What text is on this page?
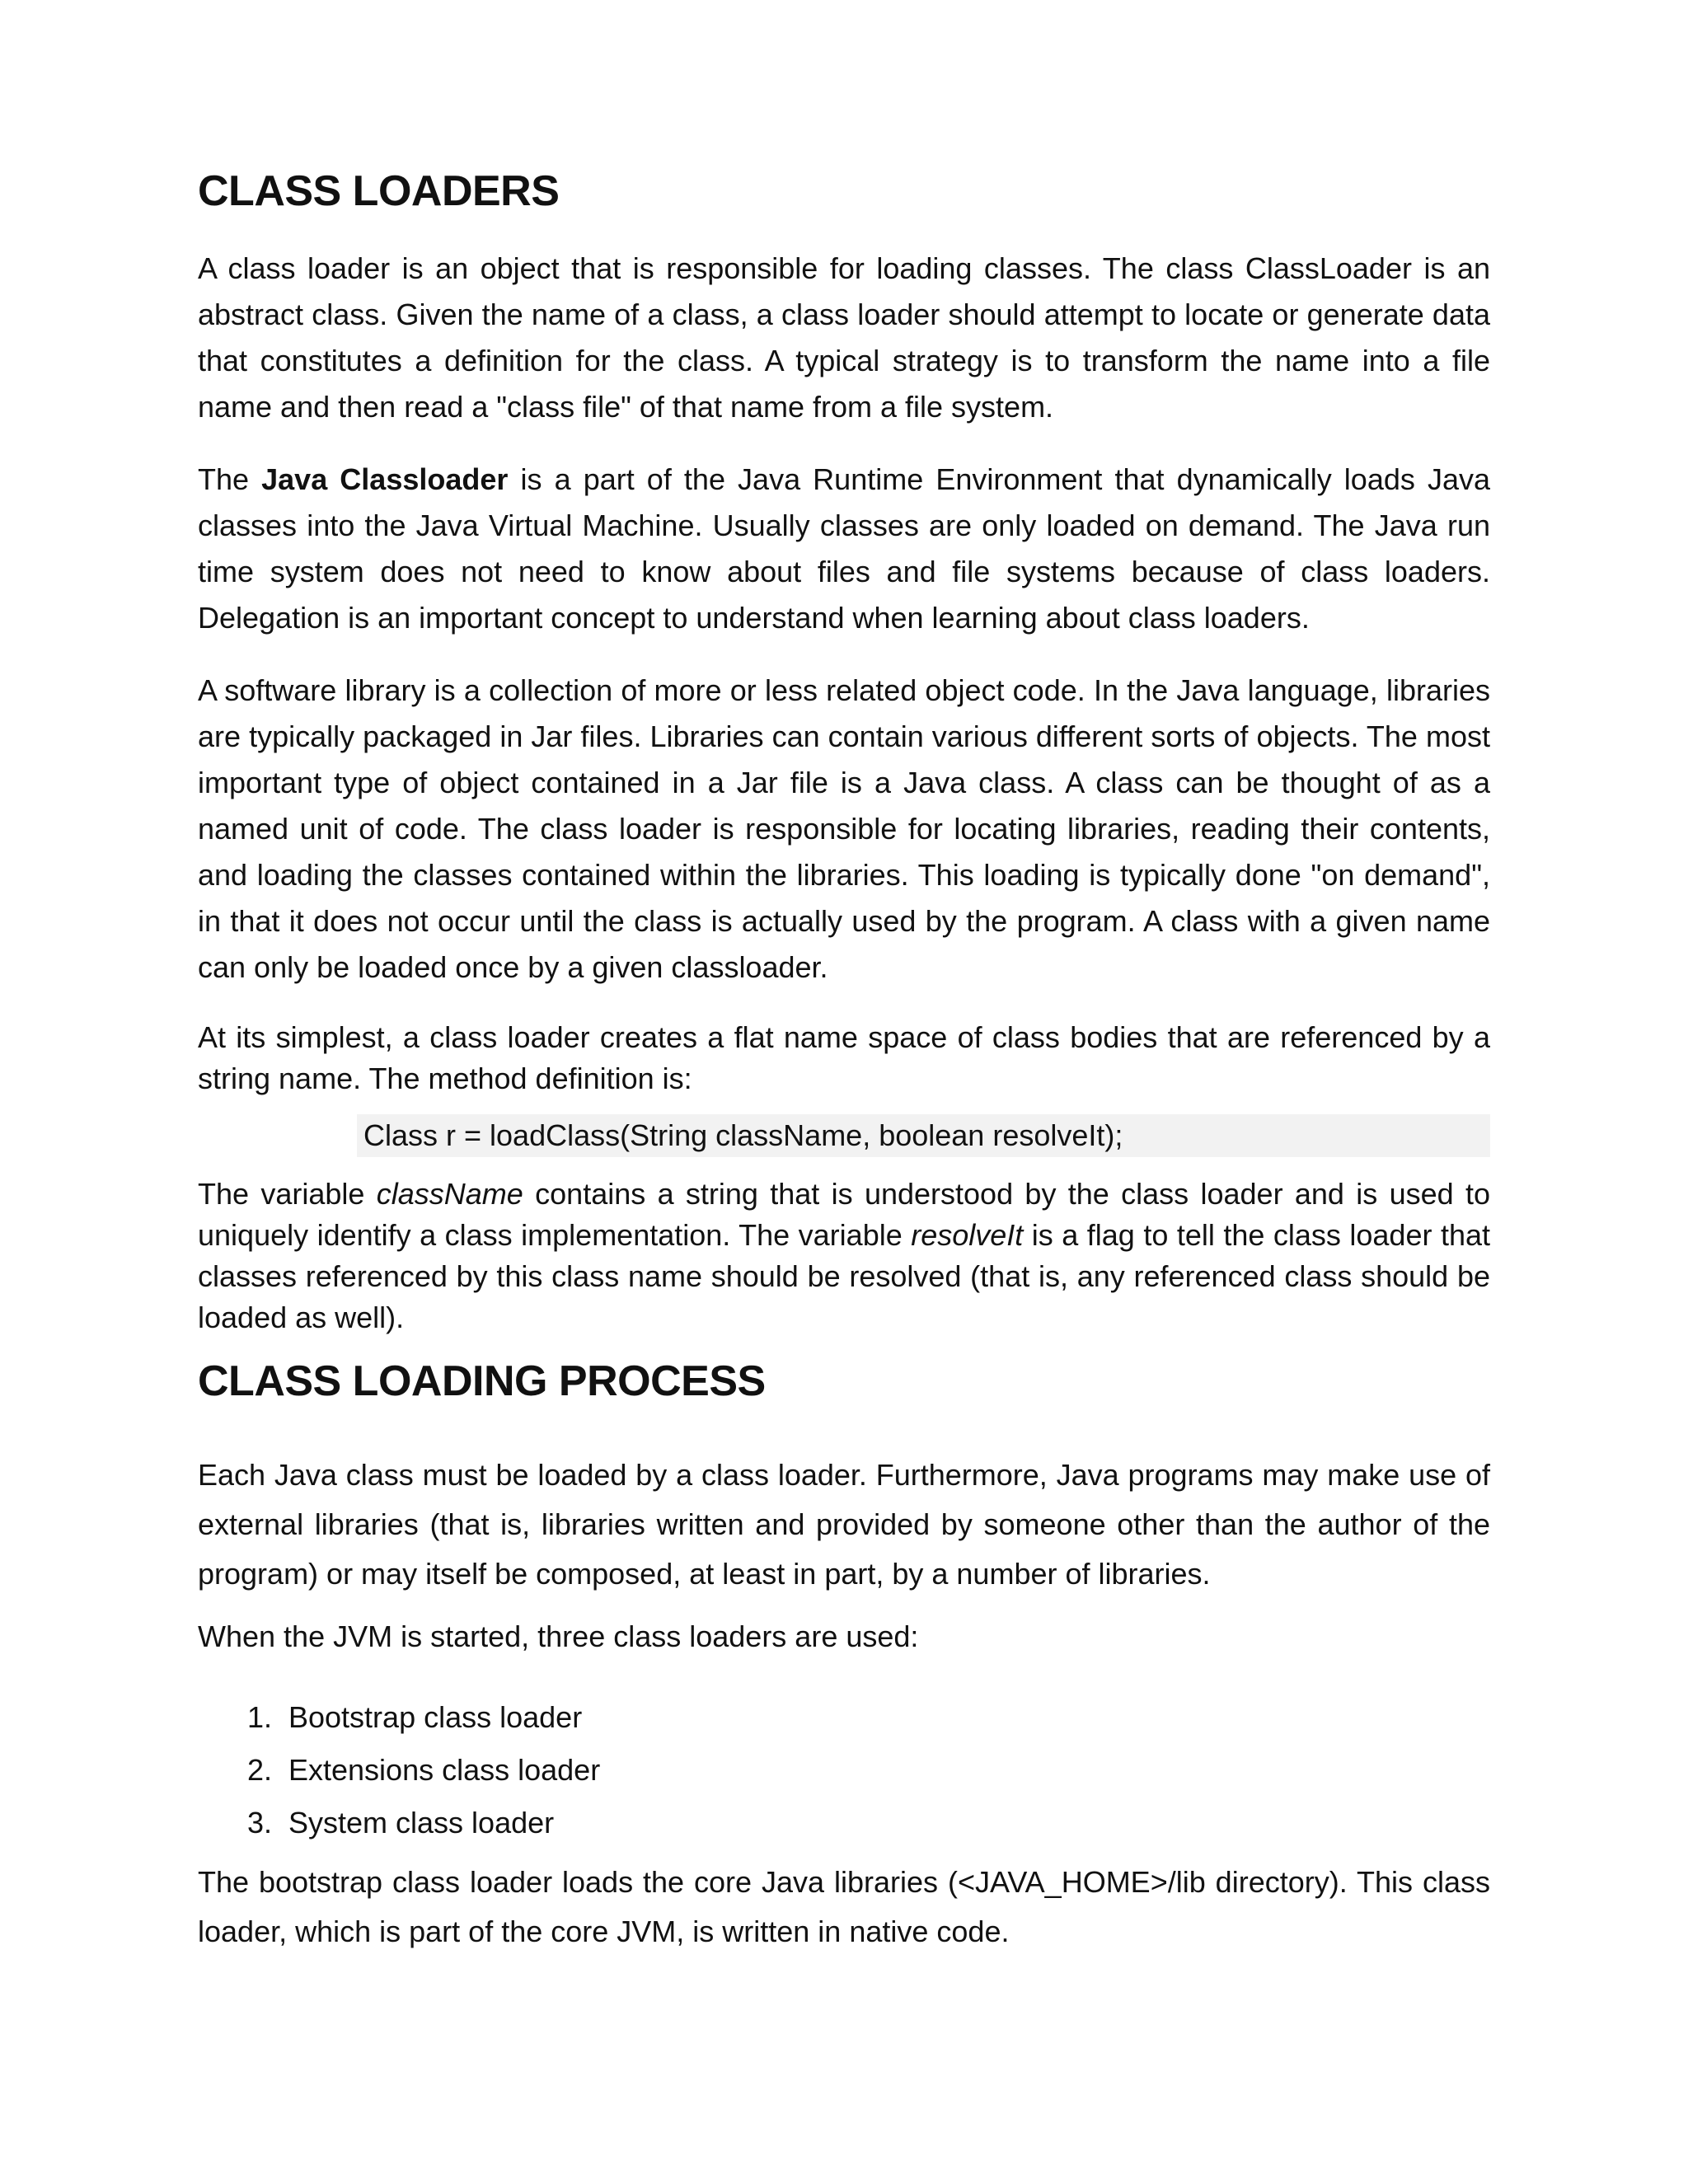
CLASS LOADERS

A class loader is an object that is responsible for loading classes. The class ClassLoader is an abstract class. Given the name of a class, a class loader should attempt to locate or generate data that constitutes a definition for the class. A typical strategy is to transform the name into a file name and then read a "class file" of that name from a file system.

The Java Classloader is a part of the Java Runtime Environment that dynamically loads Java classes into the Java Virtual Machine. Usually classes are only loaded on demand. The Java run time system does not need to know about files and file systems because of class loaders. Delegation is an important concept to understand when learning about class loaders.

A software library is a collection of more or less related object code. In the Java language, libraries are typically packaged in Jar files. Libraries can contain various different sorts of objects. The most important type of object contained in a Jar file is a Java class. A class can be thought of as a named unit of code. The class loader is responsible for locating libraries, reading their contents, and loading the classes contained within the libraries. This loading is typically done "on demand", in that it does not occur until the class is actually used by the program. A class with a given name can only be loaded once by a given classloader.

At its simplest, a class loader creates a flat name space of class bodies that are referenced by a string name. The method definition is:

Class r = loadClass(String className, boolean resolveIt);

The variable className contains a string that is understood by the class loader and is used to uniquely identify a class implementation. The variable resolveIt is a flag to tell the class loader that classes referenced by this class name should be resolved (that is, any referenced class should be loaded as well).

CLASS LOADING PROCESS

Each Java class must be loaded by a class loader. Furthermore, Java programs may make use of external libraries (that is, libraries written and provided by someone other than the author of the program) or may itself be composed, at least in part, by a number of libraries.

When the JVM is started, three class loaders are used:

1. Bootstrap class loader
2. Extensions class loader
3. System class loader

The bootstrap class loader loads the core Java libraries (<JAVA_HOME>/lib directory). This class loader, which is part of the core JVM, is written in native code.
